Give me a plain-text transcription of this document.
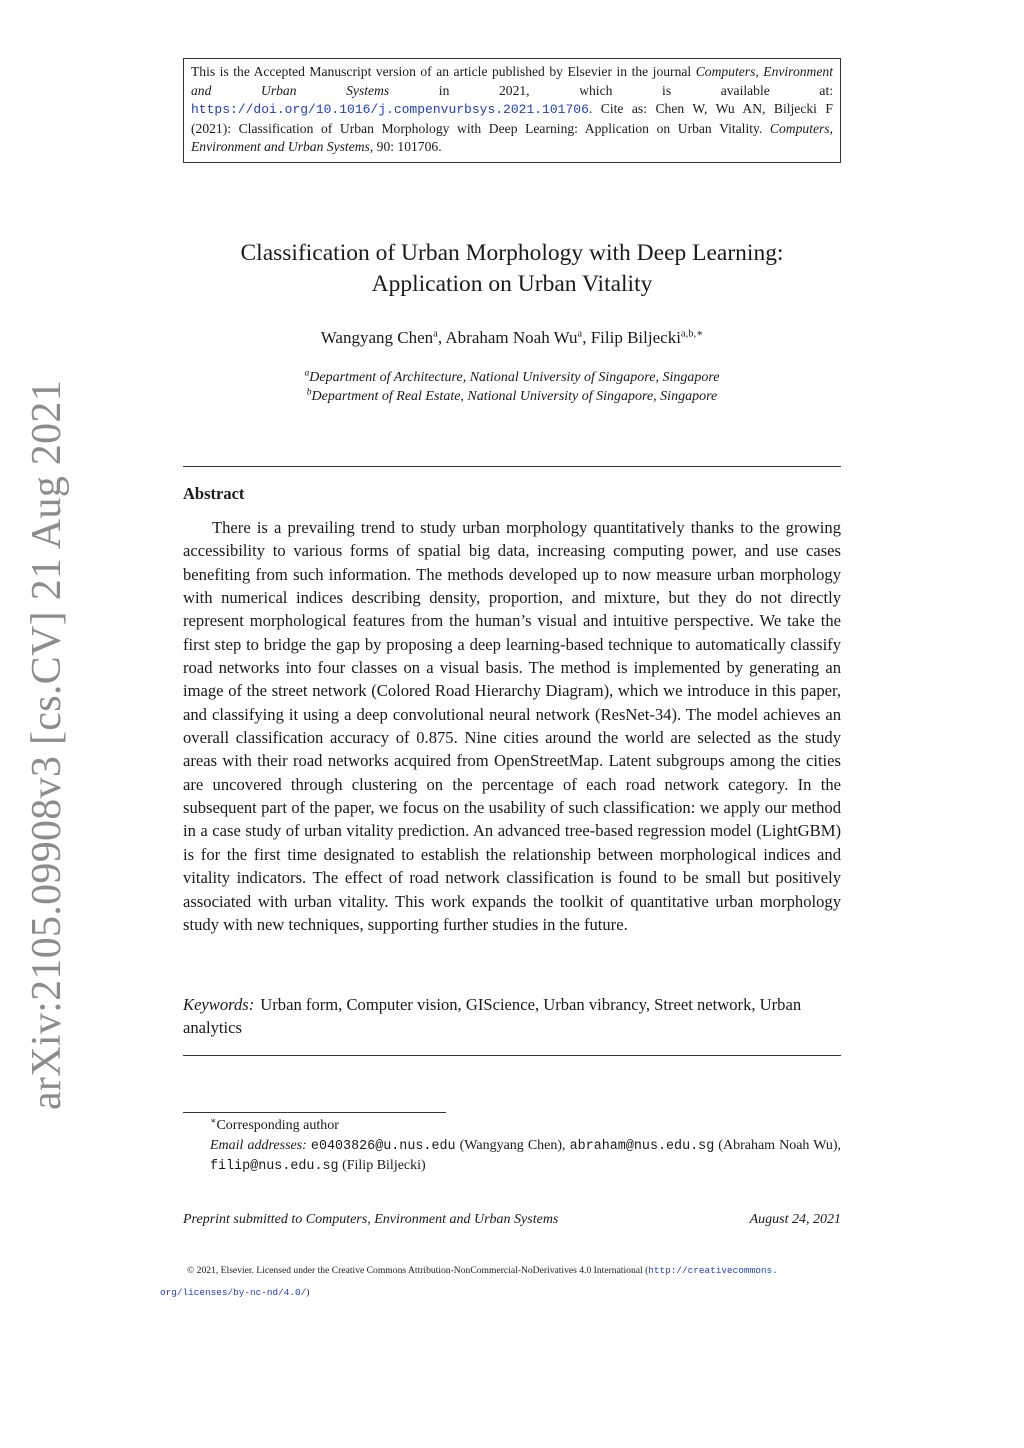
This is the Accepted Manuscript version of an article published by Elsevier in the journal Computers, Environment and Urban Systems in 2021, which is available at: https://doi.org/10.1016/j.compenvurbsys.2021.101706. Cite as: Chen W, Wu AN, Biljecki F (2021): Classification of Urban Morphology with Deep Learning: Application on Urban Vitality. Computers, Environment and Urban Systems, 90: 101706.
arXiv:2105.09908v3 [cs.CV] 21 Aug 2021
Classification of Urban Morphology with Deep Learning:
Application on Urban Vitality
Wangyang Chen$^a$, Abraham Noah Wu$^a$, Filip Biljecki$^{a,b,∗}$
$^a$Department of Architecture, National University of Singapore, Singapore
$^b$Department of Real Estate, National University of Singapore, Singapore
Abstract
There is a prevailing trend to study urban morphology quantitatively thanks to the growing accessibility to various forms of spatial big data, increasing computing power, and use cases benefiting from such information. The methods developed up to now measure urban morphology with numerical indices describing density, proportion, and mixture, but they do not directly represent morphological features from the human’s visual and intuitive perspective. We take the first step to bridge the gap by proposing a deep learning-based technique to automatically classify road networks into four classes on a visual basis. The method is implemented by generating an image of the street network (Colored Road Hierarchy Diagram), which we introduce in this paper, and classifying it using a deep convolutional neural network (ResNet-34). The model achieves an overall classification accuracy of 0.875. Nine cities around the world are selected as the study areas with their road networks acquired from OpenStreetMap. Latent subgroups among the cities are uncovered through clustering on the percentage of each road network category. In the subsequent part of the paper, we focus on the usability of such classification: we apply our method in a case study of urban vitality prediction. An advanced tree-based regression model (LightGBM) is for the first time designated to establish the relationship between morphological indices and vitality indicators. The effect of road network classification is found to be small but positively associated with urban vitality. This work expands the toolkit of quantitative urban morphology study with new techniques, supporting further studies in the future.
Keywords: Urban form, Computer vision, GIScience, Urban vibrancy, Street network, Urban analytics
∗Corresponding author
Email addresses: e0403826@u.nus.edu (Wangyang Chen), abraham@nus.edu.sg (Abraham Noah Wu), filip@nus.edu.sg (Filip Biljecki)
Preprint submitted to Computers, Environment and Urban Systems	August 24, 2021
© 2021, Elsevier. Licensed under the Creative Commons Attribution-NonCommercial-NoDerivatives 4.0 International (http://creativecommons.
org/licenses/by-nc-nd/4.0/)
